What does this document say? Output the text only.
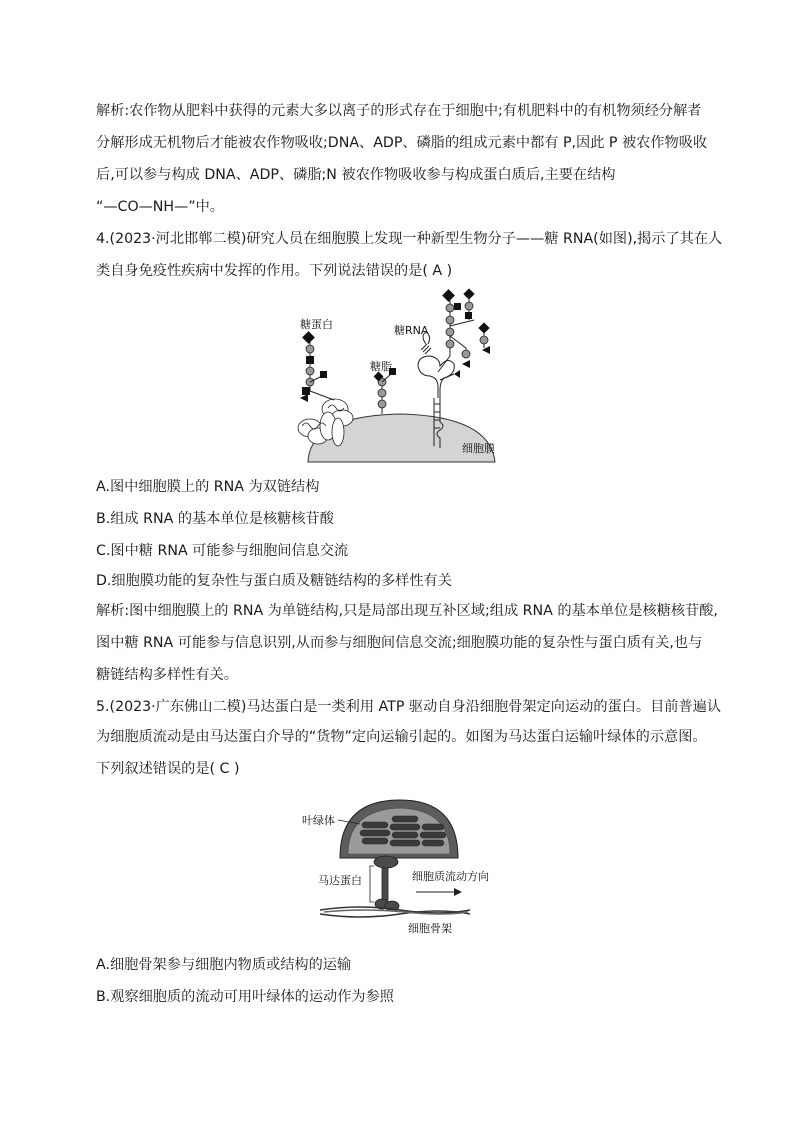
解析:农作物从肥料中获得的元素大多以离子的形式存在于细胞中;有机肥料中的有机物须经分解者
分解形成无机物后才能被农作物吸收;DNA、ADP、磷脂的组成元素中都有 P,因此 P 被农作物吸收
后,可以参与构成 DNA、ADP、磷脂;N 被农作物吸收参与构成蛋白质后,主要在结构
“—CO—NH—”中。
4.(2023·河北邯郸二模)研究人员在细胞膜上发现一种新型生物分子——糖 RNA(如图),揭示了其在人
类自身免疫性疾病中发挥的作用。下列说法错误的是( A )
糖蛋白
糖脂
糖RNA
细胞膜
A.图中细胞膜上的 RNA 为双链结构
B.组成 RNA 的基本单位是核糖核苷酸
C.图中糖 RNA 可能参与细胞间信息交流
D.细胞膜功能的复杂性与蛋白质及糖链结构的多样性有关
解析:图中细胞膜上的 RNA 为单链结构,只是局部出现互补区域;组成 RNA 的基本单位是核糖核苷酸,
图中糖 RNA 可能参与信息识别,从而参与细胞间信息交流;细胞膜功能的复杂性与蛋白质有关,也与
糖链结构多样性有关。
5.(2023·广东佛山二模)马达蛋白是一类利用 ATP 驱动自身沿细胞骨架定向运动的蛋白。目前普遍认
为细胞质流动是由马达蛋白介导的“货物”定向运输引起的。如图为马达蛋白运输叶绿体的示意图。
下列叙述错误的是( C )
叶绿体
马达蛋白	细胞质流动方向
细胞骨架
A.细胞骨架参与细胞内物质或结构的运输
B.观察细胞质的流动可用叶绿体的运动作为参照
